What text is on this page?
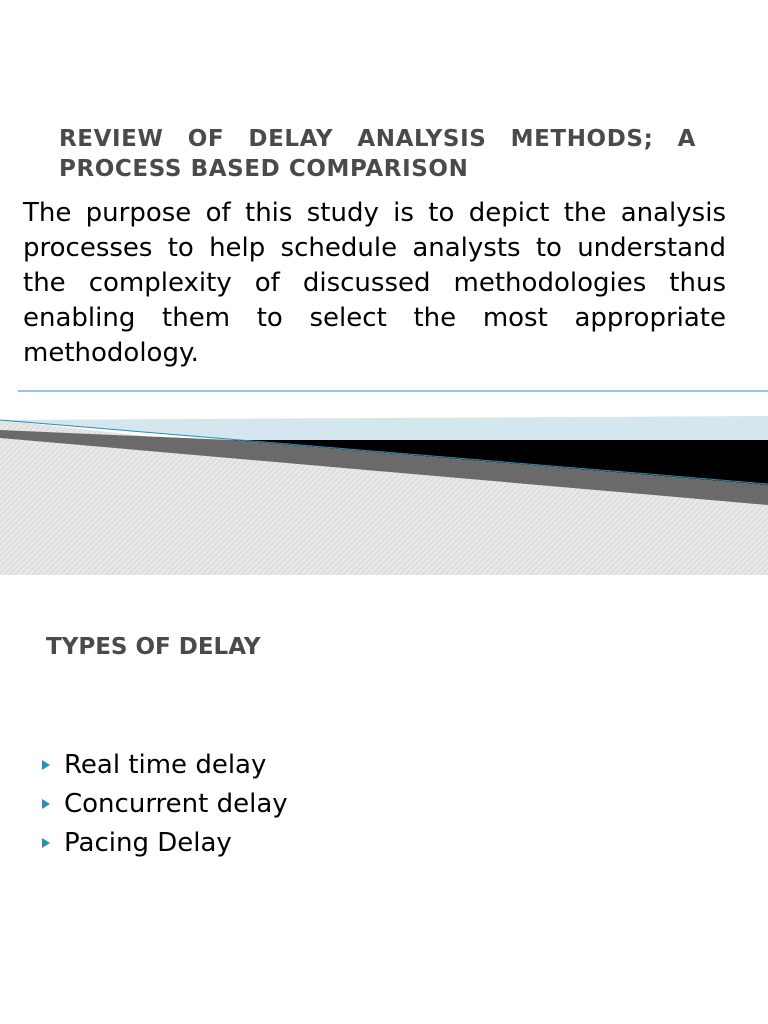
REVIEW OF DELAY ANALYSIS METHODS; A PROCESS BASED COMPARISON

The purpose of this study is to depict the analysis processes to help schedule analysts to understand the complexity of discussed methodologies thus enabling them to select the most appropriate methodology.

TYPES OF DELAY
Real time delay
Concurrent delay
Pacing Delay
